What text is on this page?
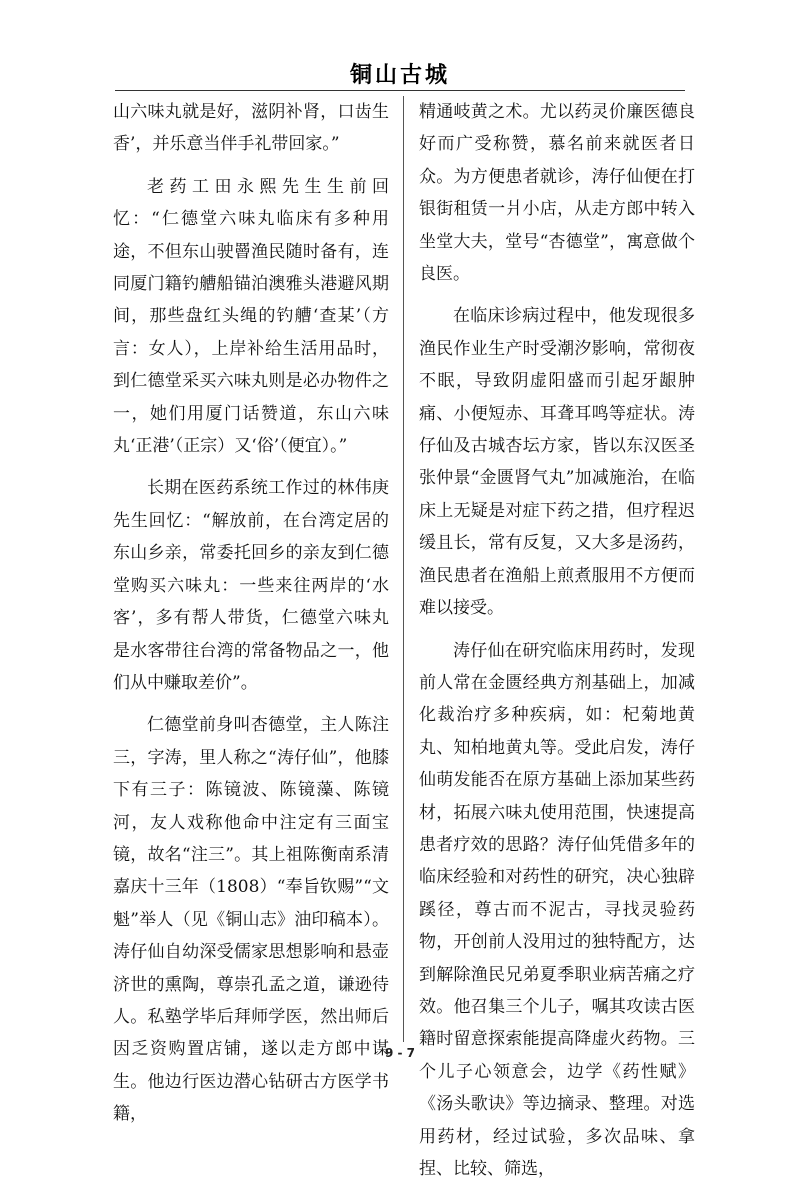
铜山古城

山六味丸就是好，滋阴补肾，口齿生香’，并乐意当伴手礼带回家。”

老药工田永熙先生生前回忆：“仁德堂六味丸临床有多种用途，不但东山驶罾渔民随时备有，连同厦门籍钓艚船锚泊澳雅头港避风期间，那些盘红头绳的钓艚‘查某’（方言：女人），上岸补给生活用品时，到仁德堂采买六味丸则是必办物件之一，她们用厦门话赞道，东山六味丸‘正港’（正宗）又‘俗’（便宜）。”

长期在医药系统工作过的林伟庚先生回忆：“解放前，在台湾定居的东山乡亲，常委托回乡的亲友到仁德堂购买六味丸：一些来往两岸的‘水客’，多有帮人带货，仁德堂六味丸是水客带往台湾的常备物品之一，他们从中赚取差价”。

仁德堂前身叫杏德堂，主人陈注三，字涛，里人称之“涛仔仙”，他膝下有三子：陈镜波、陈镜藻、陈镜河，友人戏称他命中注定有三面宝镜，故名“注三”。其上祖陈衡南系清嘉庆十三年（1808）“奉旨钦赐”“文魁”举人（见《铜山志》油印稿本）。涛仔仙自幼深受儒家思想影响和悬壶济世的熏陶，尊崇孔孟之道，谦逊待人。私塾学毕后拜师学医，然出师后因乏资购置店铺，遂以走方郎中谋生。他边行医边潜心钻研古方医学书籍，

精通岐黄之术。尤以药灵价廉医德良好而广受称赞，慕名前来就医者日众。为方便患者就诊，涛仔仙便在打银街租赁一爿小店，从走方郎中转入坐堂大夫，堂号“杏德堂”，寓意做个良医。

在临床诊病过程中，他发现很多渔民作业生产时受潮汐影响，常彻夜不眠，导致阴虚阳盛而引起牙龈肿痛、小便短赤、耳聋耳鸣等症状。涛仔仙及古城杏坛方家，皆以东汉医圣张仲景“金匮肾气丸”加减施治，在临床上无疑是对症下药之措，但疗程迟缓且长，常有反复，又大多是汤药，渔民患者在渔船上煎煮服用不方便而难以接受。

涛仔仙在研究临床用药时，发现前人常在金匮经典方剂基础上，加减化裁治疗多种疾病，如：杞菊地黄丸、知柏地黄丸等。受此启发，涛仔仙萌发能否在原方基础上添加某些药材，拓展六味丸使用范围，快速提高患者疗效的思路？涛仔仙凭借多年的临床经验和对药性的研究，决心独辟蹊径，尊古而不泥古，寻找灵验药物，开创前人没用过的独特配方，达到解除渔民兄弟夏季职业病苦痛之疗效。他召集三个儿子，嘱其攻读古医籍时留意探索能提高降虚火药物。三个儿子心领意会，边学《药性赋》《汤头歌诀》等边摘录、整理。对选用药材，经过试验，多次品味、拿捏、比较、筛选，

9 - 7
